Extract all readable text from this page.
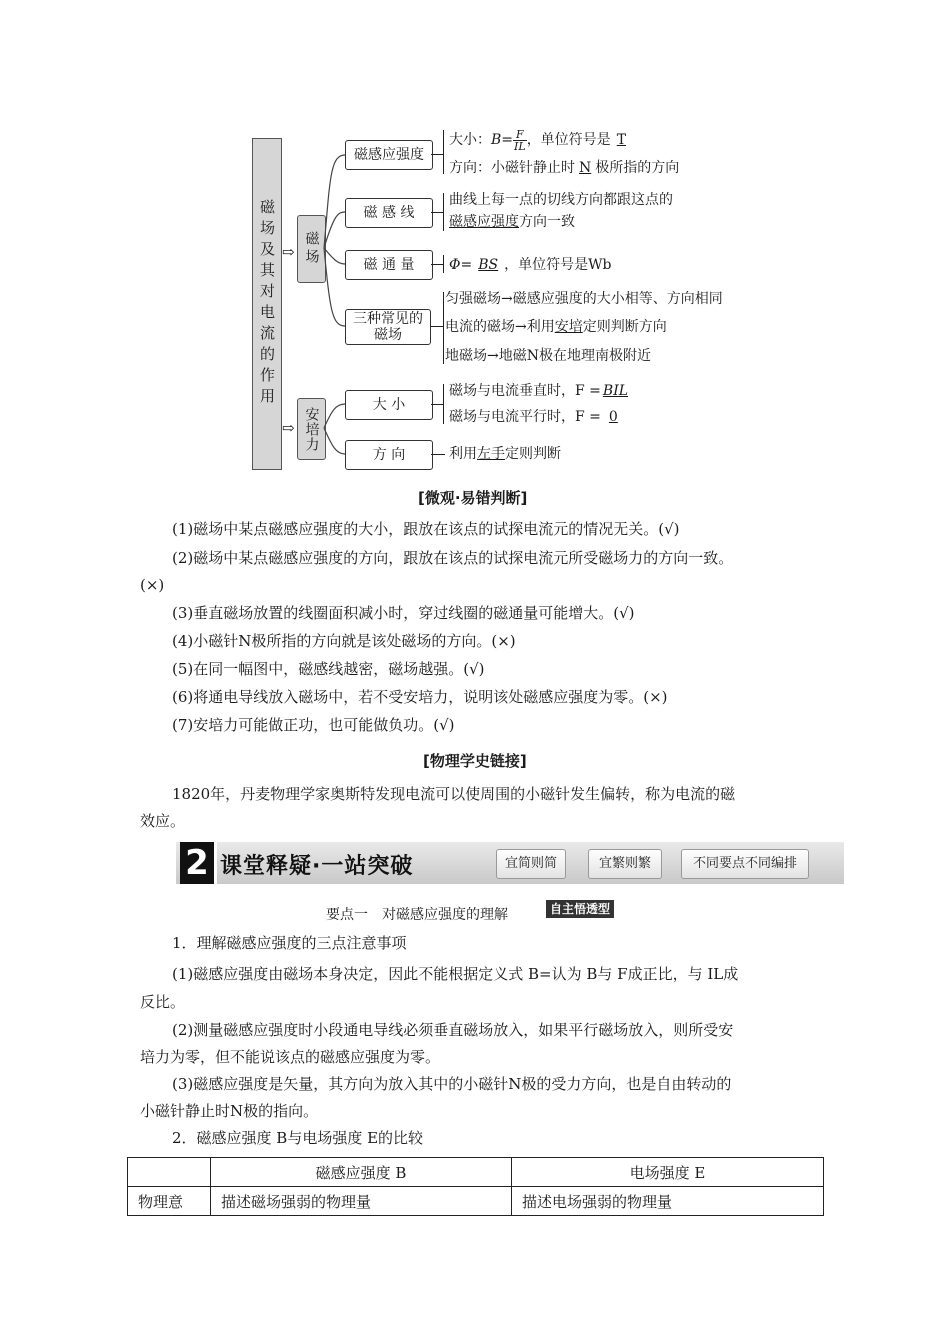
磁场及其对电流的作用 ⇨
⇨
磁场
安培力
磁感应强度
磁 感 线
磁 通 量
三种常见的磁场
大 小
方 向
大小：$B= \frac{F}{IL}$ ，单位符号是 T
方向：小磁针静止时 N 极所指的方向
曲线上每一点的切线方向都跟这点的
磁感应强度方向一致
Φ= BS ，单位符号是Wb
匀强磁场→磁感应强度的大小相等、方向相同
电流的磁场→利用安培定则判断方向
地磁场→地磁N极在地理南极附近
磁场与电流垂直时，F = BIL
磁场与电流平行时，F = 0
利用左手定则判断
[微观·易错判断]
(1)磁场中某点磁感应强度的大小，跟放在该点的试探电流元的情况无关。(√)
(2)磁场中某点磁感应强度的方向，跟放在该点的试探电流元所受磁场力的方向一致。
(×)
(3)垂直磁场放置的线圈面积减小时，穿过线圈的磁通量可能增大。(√)
(4)小磁针N极所指的方向就是该处磁场的方向。(×)
(5)在同一幅图中，磁感线越密，磁场越强。(√)
(6)将通电导线放入磁场中，若不受安培力，说明该处磁感应强度为零。(×)
(7)安培力可能做正功，也可能做负功。(√)
[物理学史链接]
1820年，丹麦物理学家奥斯特发现电流可以使周围的小磁针发生偏转，称为电流的磁
效应。
2 课堂释疑·一站突破	宜简则简	宜繁则繁	不同要点不同编排
要点一　对磁感应强度的理解	自主悟透型
1．理解磁感应强度的三点注意事项
(1)磁感应强度由磁场本身决定，因此不能根据定义式 B=认为 B与 F成正比，与 IL成
反比。
(2)测量磁感应强度时小段通电导线必须垂直磁场放入，如果平行磁场放入，则所受安
培力为零，但不能说该点的磁感应强度为零。
(3)磁感应强度是矢量，其方向为放入其中的小磁针N极的受力方向，也是自由转动的
小磁针静止时N极的指向。
2．磁感应强度 B与电场强度 E的比较
	磁感应强度 B	电场强度 E
物理意	描述磁场强弱的物理量	描述电场强弱的物理量
